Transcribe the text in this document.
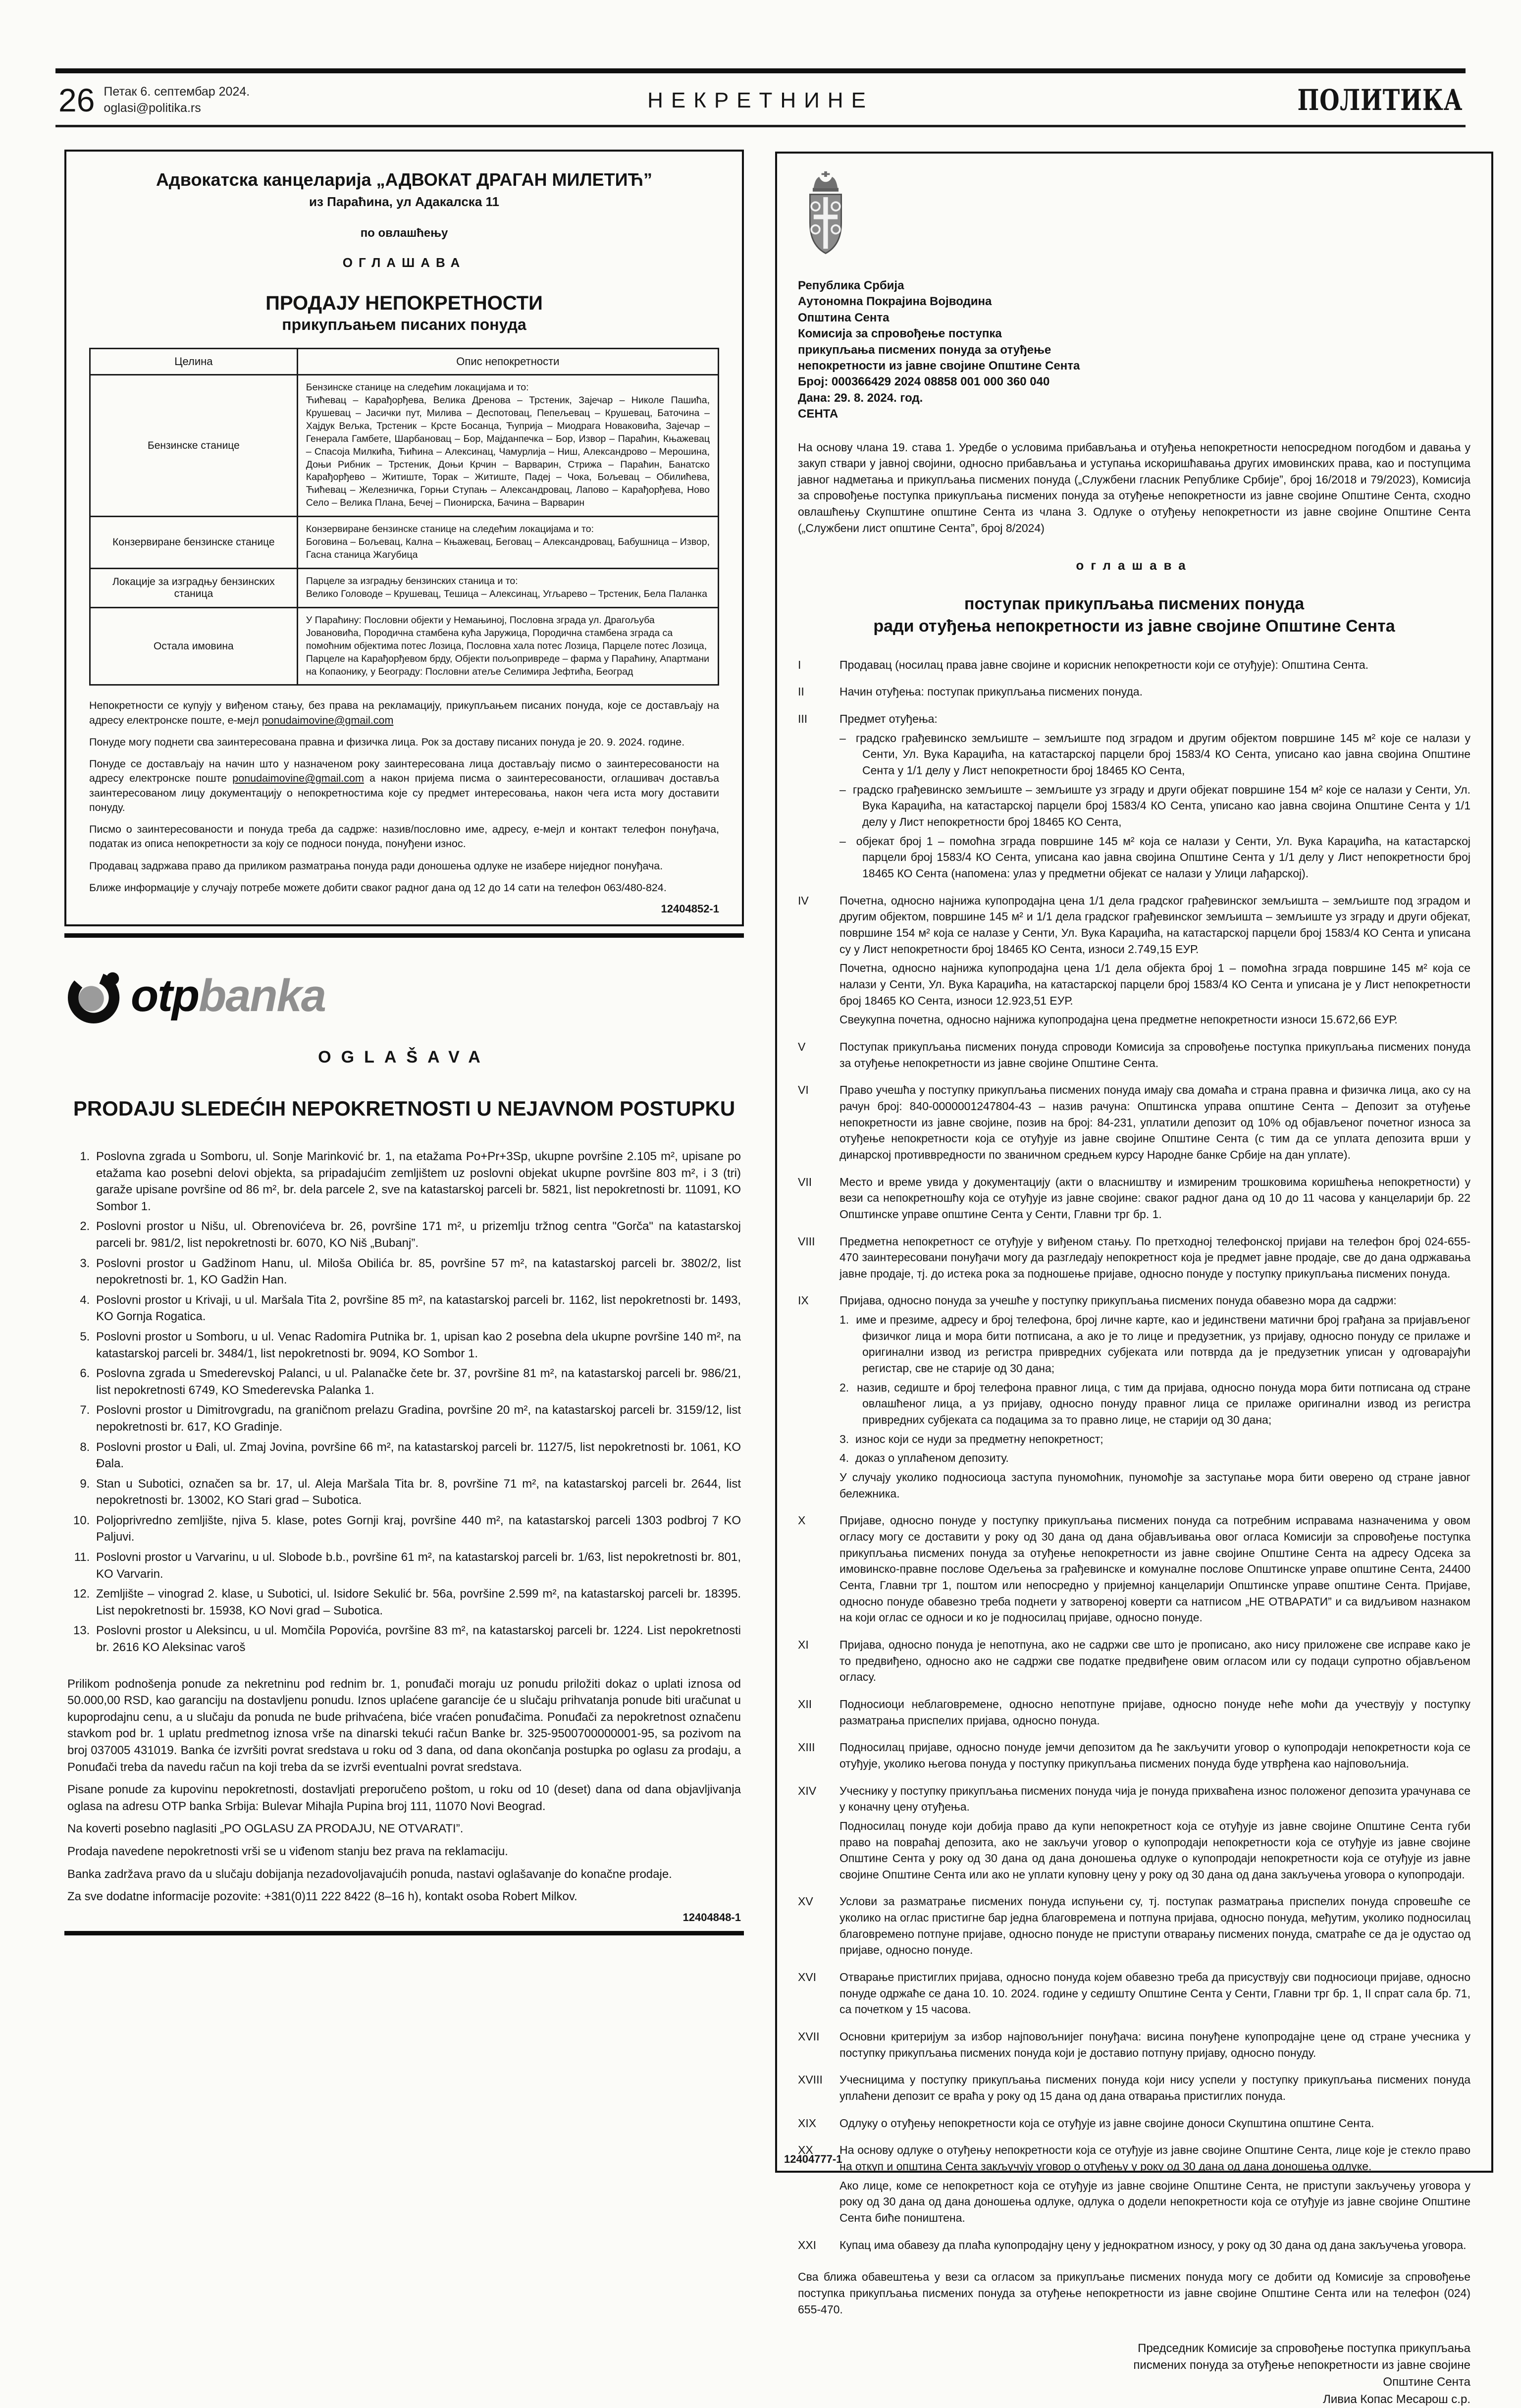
26 Петак 6. септембар 2024.
oglasi@politika.rs	НЕКРЕТНИНЕ	ПОЛИТИКА
Адвокатска канцеларија „АДВОКАТ ДРАГАН МИЛЕТИЋ”

из Параћина, ул Адакалска 11

по овлашћењу

ОГЛАШАВА

ПРОДАЈУ НЕПОКРЕТНОСТИ
прикупљањем писаних понуда
Целина	Опис непокретности
Бензинске станице	Бензинске станице на следећим локацијама и то:
Ћићевац – Карађорђева, Велика Дренова – Трстеник, Зајечар – Николе Пашића, Крушевац – Јасички пут, Милива – Деспотовац, Пепељевац – Крушевац, Баточина – Хајдук Вељка, Трстеник – Крсте Босанца, Ћуприја – Миодрага Новаковића, Зајечар – Генерала Гамбете, Шарбановац – Бор, Мајданпечка – Бор, Извор – Параћин, Књажевац – Спасоја Милкића, Ћићина – Алексинац, Чамурлија – Ниш, Александрово – Мерошина, Доњи Рибник – Трстеник, Доњи Крчин – Варварин, Стрижа – Параћин, Банатско Карађорђево – Житиште, Торак – Житиште, Падеј – Чока, Бољевац – Обилићева, Ћићевац – Железничка, Горњи Ступањ – Александровац, Лапово – Карађорђева, Ново Село – Велика Плана, Бечеј – Пионирска, Бачина – Варварин

Конзервиране бензинске станице	Конзервиране бензинске станице на следећим локацијама и то:
Боговина – Бољевац, Кална – Књажевац, Беговац – Александровац, Бабушница – Извор, Гасна станица Жагубица

Локације за изградњу бензинских станица	Парцеле за изградњу бензинских станица и то:
Велико Головоде – Крушевац, Тешица – Алексинац, Угљарево – Трстеник, Бела Паланка

Остала имовина	У Параћину: Пословни објекти у Немањиној, Пословна зграда ул. Драгољуба Јовановића, Породична стамбена кућа Јаружица, Породична стамбена зграда са помоћним објектима потес Лозица, Пословна хала потес Лозица, Парцеле потес Лозица, Парцеле на Карађорђевом брду, Објекти пољопривреде – фарма у Параћину, Апартмани на Копаонику, у Београду: Пословни атеље Селимира Јефтића, Београд

Непокретности се купују у виђеном стању, без права на рекламацију, прикупљањем писаних понуда, које се достављају на адресу електронске поште, е-мејл ponudaimovine@gmail.com

Понуде могу поднети сва заинтересована правна и физичка лица. Рок за доставу писаних понуда је 20. 9. 2024. године.

Понуде се достављају на начин што у назначеном року заинтересована лица достављају писмо о заинтересованости на адресу електронске поште ponudaimovine@gmail.com а након пријема писма о заинтересованости, оглашивач доставља заинтересованом лицу документацију о непокретностима које су предмет интересовања, након чега иста могу доставити понуду.

Писмо о заинтересованости и понуда треба да садрже: назив/пословно име, адресу, е-мејл и контакт телефон понуђача, податак из описа непокретности за коју се подноси понуда, понуђени износ.

Продавац задржава право да приликом разматрања понуда ради доношења одлуке не изабере ниједног понуђача.

Ближе информације у случају потребе можете добити сваког радног дана од 12 до 14 сати на телефон 063/480-824.

12404852-1
otpbanka

OGLAŠAVA

PRODAJU SLEDEĆIH NEPOKRETNOSTI U NEJAVNOM POSTUPKU
1. Poslovna zgrada u Somboru, ul. Sonje Marinković br. 1, na etažama Po+Pr+3Sp, ukupne površine 2.105 m², upisane po etažama kao posebni delovi objekta, sa pripadajućim zemljištem uz poslovni objekat ukupne površine 803 m², i 3 (tri) garaže upisane površine od 86 m², br. dela parcele 2, sve na katastarskoj parceli br. 5821, list nepokretnosti br. 11091, KO Sombor 1.
2. Poslovni prostor u Nišu, ul. Obrenovićeva br. 26, površine 171 m², u prizemlju tržnog centra "Gorča" na katastarskoj parceli br. 981/2, list nepokretnosti br. 6070, KO Niš „Bubanj”.
3. Poslovni prostor u Gadžinom Hanu, ul. Miloša Obilića br. 85, površine 57 m², na katastarskoj parceli br. 3802/2, list nepokretnosti br. 1, KO Gadžin Han.
4. Poslovni prostor u Krivaji, u ul. Maršala Tita 2, površine 85 m², na katastarskoj parceli br. 1162, list nepokretnosti br. 1493, KO Gornja Rogatica.
5. Poslovni prostor u Somboru, u ul. Venac Radomira Putnika br. 1, upisan kao 2 posebna dela ukupne površine 140 m², na katastarskoj parceli br. 3484/1, list nepokretnosti br. 9094, KO Sombor 1.
6. Poslovna zgrada u Smederevskoj Palanci, u ul. Palanačke čete br. 37, površine 81 m², na katastarskoj parceli br. 986/21, list nepokretnosti 6749, KO Smederevska Palanka 1.
7. Poslovni prostor u Dimitrovgradu, na graničnom prelazu Gradina, površine 20 m², na katastarskoj parceli br. 3159/12, list nepokretnosti br. 617, KO Gradinje.
8. Poslovni prostor u Đali, ul. Zmaj Jovina, površine 66 m², na katastarskoj parceli br. 1127/5, list nepokretnosti br. 1061, KO Đala.
9. Stan u Subotici, označen sa br. 17, ul. Aleja Maršala Tita br. 8, površine 71 m², na katastarskoj parceli br. 2644, list nepokretnosti br. 13002, KO Stari grad – Subotica.
10. Poljoprivredno zemljište, njiva 5. klase, potes Gornji kraj, površine 440 m², na katastarskoj parceli 1303 podbroj 7 KO Paljuvi.
11. Poslovni prostor u Varvarinu, u ul. Slobode b.b., površine 61 m², na katastarskoj parceli br. 1/63, list nepokretnosti br. 801, KO Varvarin.
12. Zemljište – vinograd 2. klase, u Subotici, ul. Isidore Sekulić br. 56a, površine 2.599 m², na katastarskoj parceli br. 18395. List nepokretnosti br. 15938, KO Novi grad – Subotica.
13. Poslovni prostor u Aleksincu, u ul. Momčila Popovića, površine 83 m², na katastarskoj parceli br. 1224. List nepokretnosti br. 2616 KO Aleksinac varoš

Prilikom podnošenja ponude za nekretninu pod rednim br. 1, ponuđači moraju uz ponudu priložiti dokaz o uplati iznosa od 50.000,00 RSD, kao garanciju na dostavljenu ponudu. Iznos uplaćene garancije će u slučaju prihvatanja ponude biti uračunat u kupoprodajnu cenu, a u slučaju da ponuda ne bude prihvaćena, biće vraćen ponuđačima. Ponuđači za nepokretnost označenu stavkom pod br. 1 uplatu predmetnog iznosa vrše na dinarski tekući račun Banke br. 325-9500700000001-95, sa pozivom na broj 037005 431019. Banka će izvršiti povrat sredstava u roku od 3 dana, od dana okončanja postupka po oglasu za prodaju, a Ponuđači treba da navedu račun na koji treba da se izvrši eventualni povrat sredstava.

Pisane ponude za kupovinu nepokretnosti, dostavljati preporučeno poštom, u roku od 10 (deset) dana od dana objavljivanja oglasa na adresu OTP banka Srbija: Bulevar Mihajla Pupina broj 111, 11070 Novi Beograd.

Na koverti posebno naglasiti „PO OGLASU ZA PRODAJU, NE OTVARATI”.

Prodaja navedene nepokretnosti vrši se u viđenom stanju bez prava na reklamaciju.

Banka zadržava pravo da u slučaju dobijanja nezadovoljavajućih ponuda, nastavi oglašavanje do konačne prodaje.

Za sve dodatne informacije pozovite: +381(0)11 222 8422 (8–16 h), kontakt osoba Robert Milkov.

12404848-1
Република Србија
Аутономна Покрајина Војводина
Општина Сента
Комисија за спровођење поступка
прикупљања писмених понуда за отуђење
непокретности из јавне својине Општине Сента
Број: 000366429 2024 08858 001 000 360 040
Дана: 29. 8. 2024. год.
СЕНТА

На основу члана 19. става 1. Уредбе о условима прибављања и отуђења непокретности непосредном погодбом и давања у закуп ствари у јавној својини, односно прибављања и уступања искоришћавања других имовинских права, као и поступцима јавног надметања и прикупљања писмених понуда („Службени гласник Републике Србије”, број 16/2018 и 79/2023), Комисија за спровођење поступка прикупљања писмених понуда за отуђење непокретности из јавне својине Општине Сента, сходно овлашћењу Скупштине општине Сента из члана 3. Одлуке о отуђењу непокретности из јавне својине Општине Сента („Службени лист општине Сента”, број 8/2024)

оглашава

поступак прикупљања писмених понуда
ради отуђења непокретности из јавне својине Општине Сента
I	Продавац (носилац права јавне својине и корисник непокретности који се отуђује): Општина Сента.

II	Начин отуђења: поступак прикупљања писмених понуда.

III	Предмет отуђења:

–  градско грађевинско земљиште – земљиште под зградом и другим објектом површине 145 м² које се налази у Сенти, Ул. Вука Караџића, на катастарској парцели број 1583/4 КО Сента, уписано као јавна својина Општине Сента у 1/1 делу у Лист непокретности број 18465 КО Сента,

–  градско грађевинско земљиште – земљиште уз зграду и други објекат површине 154 м² које се налази у Сенти, Ул. Вука Караџића, на катастарској парцели број 1583/4 КО Сента, уписано као јавна својина Општине Сента у 1/1 делу у Лист непокретности број 18465 КО Сента,

–  објекат број 1 – помоћна зграда површине 145 м² која се налази у Сенти, Ул. Вука Караџића, на катастарској парцели број 1583/4 КО Сента, уписана као јавна својина Општине Сента у 1/1 делу у Лист непокретности број 18465 КО Сента (напомена: улаз у предметни објекат се налази у Улици лађарској).

IV	Почетна, односно најнижа купопродајна цена 1/1 дела градског грађевинског земљишта – земљиште под зградом и другим објектом, површине 145 м² и 1/1 дела градског грађевинског земљишта – земљиште уз зграду и други објекат, површине 154 м² која се налазе у Сенти, Ул. Вука Караџића, на катастарској парцели број 1583/4 КО Сента и уписана су у Лист непокретности број 18465 КО Сента, износи 2.749,15 ЕУР.

Почетна, односно најнижа купопродајна цена 1/1 дела објекта број 1 – помоћна зграда површине 145 м² која се налази у Сенти, Ул. Вука Караџића, на катастарској парцели број 1583/4 КО Сента и уписана је у Лист непокретности број 18465 КО Сента, износи 12.923,51 ЕУР.

Свеукупна почетна, односно најнижа купопродајна цена предметне непокретности износи 15.672,66 ЕУР.

V	Поступак прикупљања писмених понуда спроводи Комисија за спровођење поступка прикупљања писмених понуда за отуђење непокретности из јавне својине Општине Сента.

VI	Право учешћа у поступку прикупљања писмених понуда имају сва домаћа и страна правна и физичка лица, ако су на рачун број: 840-0000001247804-43 – назив рачуна: Општинска управа општине Сента – Депозит за отуђење непокретности из јавне својине, позив на број: 84-231, уплатили депозит од 10% од објављеног почетног износа за отуђење непокретности која се отуђује из јавне својине Општине Сента (с тим да се уплата депозита врши у динарској противвредности по званичном средњем курсу Народне банке Србије на дан уплате).

VII	Место и време увида у документацију (акти о власништву и измиреним трошковима коришћења непокретности) у вези са непокретношћу која се отуђује из јавне својине: сваког радног дана од 10 до 11 часова у канцеларији бр. 22 Општинске управе општине Сента у Сенти, Главни трг бр. 1.

VIII	Предметна непокретност се отуђује у виђеном стању. По претходној телефонској пријави на телефон број 024-655-470 заинтересовани понуђачи могу да разгледају непокретност која је предмет јавне продаје, све до дана одржавања јавне продаје, тј. до истека рока за подношење пријаве, односно понуде у поступку прикупљања писмених понуда.

IX	Пријава, односно понуда за учешће у поступку прикупљања писмених понуда обавезно мора да садржи:

1.  име и презиме, адресу и број телефона, број личне карте, као и јединствени матични број грађана за пријављеног физичког лица и мора бити потписана, а ако је то лице и предузетник, уз пријаву, односно понуду се прилаже и оригинални извод из регистра привредних субјеката или потврда да је предузетник уписан у одговарајући регистар, све не старије од 30 дана;

2.  назив, седиште и број телефона правног лица, с тим да пријава, односно понуда мора бити потписана од стране овлашћеног лица, а уз пријаву, односно понуду правног лица се прилаже оригинални извод из регистра привредних субјеката са подацима за то правно лице, не старији од 30 дана;

3.  износ који се нуди за предметну непокретност;

4.  доказ о уплаћеном депозиту.

У случају уколико подносиоца заступа пуномоћник, пуномоћје за заступање мора бити оверено од стране јавног бележника.

X	Пријаве, односно понуде у поступку прикупљања писмених понуда са потребним исправама назначенима у овом огласу могу се доставити у року од 30 дана од дана објављивања овог огласа Комисији за спровођење поступка прикупљања писмених понуда за отуђење непокретности из јавне својине Општине Сента на адресу Одсека за имовинско-правне послове Одељења за грађевинске и комуналне послове Општинске управе општине Сента, 24400 Сента, Главни трг 1, поштом или непосредно у пријемној канцеларији Општинске управе општине Сента. Пријаве, односно понуде обавезно треба поднети у затвореној коверти са натписом „НЕ ОТВАРАТИ” и са видљивом назнаком на који оглас се односи и ко је подносилац пријаве, односно понуде.

XI	Пријава, односно понуда је непотпуна, ако не садржи све што је прописано, ако нису приложене све исправе како је то предвиђено, односно ако не садржи све податке предвиђене овим огласом или су подаци супротно објављеном огласу.

XII	Подносиоци неблаговремене, односно непотпуне пријаве, односно понуде неће моћи да учествују у поступку разматрања приспелих пријава, односно понуда.

XIII	Подносилац пријаве, односно понуде јемчи депозитом да ће закључити уговор о купопродаји непокретности која се отуђује, уколико његова понуда у поступку прикупљања писмених понуда буде утврђена као најповољнија.

XIV	Учеснику у поступку прикупљања писмених понуда чија је понуда прихваћена износ положеног депозита урачунава се у коначну цену отуђења.

Подносилац понуде који добија право да купи непокретност која се отуђује из јавне својине Општине Сента губи право на повраћај депозита, ако не закључи уговор о купопродаји непокретности која се отуђује из јавне својине Општине Сента у року од 30 дана од дана доношења одлуке о купопродаји непокретности која се отуђује из јавне својине Општине Сента или ако не уплати куповну цену у року од 30 дана од дана закључења уговора о купопродаји.

XV	Услови за разматрање писмених понуда испуњени су, тј. поступак разматрања приспелих понуда спровешће се уколико на оглас пристигне бар једна благовремена и потпуна пријава, односно понуда, међутим, уколико подносилац благовремено потпуне пријаве, односно понуде не приступи отварању писмених понуда, сматраће се да је одустао од пријаве, односно понуде.

XVI	Отварање пристиглих пријава, односно понуда којем обавезно треба да присуствују сви подносиоци пријаве, односно понуде одржаће се дана 10. 10. 2024. године у седишту Општине Сента у Сенти, Главни трг бр. 1, II спрат сала бр. 71, са почетком у 15 часова.

XVII	Основни критеријум за избор најповољнијег понуђача: висина понуђене купопродајне цене од стране учесника у поступку прикупљања писмених понуда који је доставио потпуну пријаву, односно понуду.

XVIII	Учесницима у поступку прикупљања писмених понуда који нису успели у поступку прикупљања писмених понуда уплаћени депозит се враћа у року од 15 дана од дана отварања пристиглих понуда.

XIX	Одлуку о отуђењу непокретности која се отуђује из јавне својине доноси Скупштина општине Сента.

XX	На основу одлуке о отуђењу непокретности која се отуђује из јавне својине Општине Сента, лице које је стекло право на откуп и општина Сента закључују уговор о отуђењу у року од 30 дана од дана доношења одлуке.

Ако лице, коме се непокретност која се отуђује из јавне својине Општине Сента, не приступи закључењу уговора у року од 30 дана од дана доношења одлуке, одлука о додели непокретности која се отуђује из јавне својине Општине Сента биће поништена.

XXI	Купац има обавезу да плаћа купопродајну цену у једнократном износу, у року од 30 дана од дана закључења уговора.

Сва ближа обавештења у вези са огласом за прикупљање писмених понуда могу се добити од Комисије за спровођење поступка прикупљања писмених понуда за отуђење непокретности из јавне својине Општине Сента или на телефон (024) 655-470.

Председник Комисије за спровођење поступка прикупљања
писмених понуда за отуђење непокретности из јавне својине
Општине Сента
Ливиа Копас Месарош с.р.
12404777-1
